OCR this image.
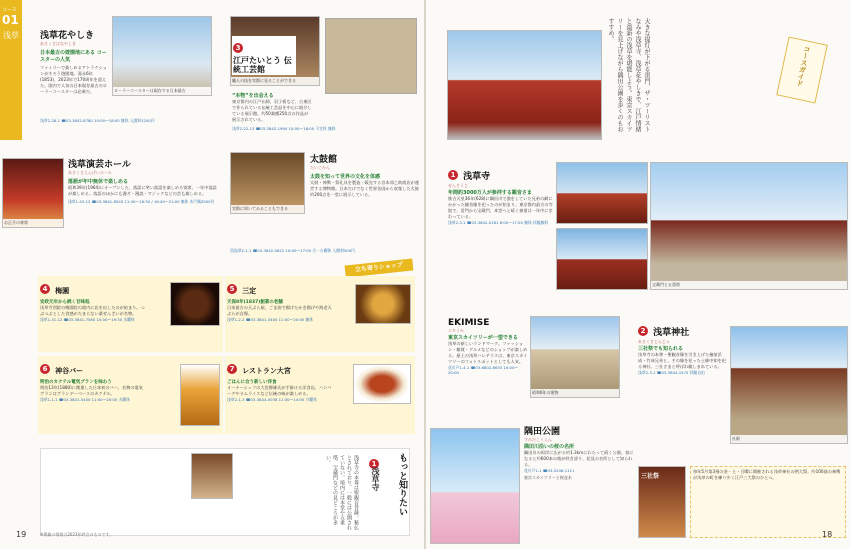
コース
01
浅草 浅草花やしき
あさくさはなやしき
日本最古の遊園地にある コースターの人気
ファミリーで楽しめるアトラクションがそろう遊園地。嘉永6年(1853)、2023年で170周年を迎えた。園内で人気の日本現存最古のローラーコースターは必乗だ。	ローラーコースターは現存する日本最古
浅草2-28-1 ☎03-3842-8780 10:00～18:00 無休 入園料1200円
職人の技を実際に見ることができる
“本物”を出会える
東京都内の江戸仏師、羽子板など、台東区で作られている伝統工芸品を中心に紹介している展示館。約50業種250点の作品が展示されている。
3
江戸たいとう 伝統工芸館
浅草2-22-13 ☎03-3842-1990 10:00～18:00 不定休 無料
お正月の寄席
浅草演芸ホール
あさくさえんげいホール
落語が年中無休で楽しめる
昭和39年(1964)にオープンした、落語に笑い落語を楽しめる寄席。一年中落語が楽しめる。落語のほかにも漫才・漫談・マジックなどの芸も楽しめる。
浅草1-43-12 ☎03-3841-6545 11:40～16:30 / 16:40～21:00 無休 木戸銭3000円
実際に叩いてみることもできる
太鼓館
たいこかん
太鼓を知って世界の文化を体感
太鼓・神輿・祭礼具を製造・販売する宮本卯之助商店が運営する博物館。日本だけでなく世界各国から収集した太鼓約200点を一堂に展示している。
西浅草2-1-1 ☎03-3842-5622 10:00～17:00 月・火曜休 入館料500円
立ち寄りショップ
4 梅園
安政元年から続く甘味処
浅草寺別院の梅園院の境内に店を出したのが始まり。つぶつぶとした食感がたまらない粟ぜんざいが名物。
浅草1-31-12 ☎03-3841-7580 10:00～19:30 水曜休
5 三定
天保8年(1837)創業の老舗
日本最古の天ぷら屋。ごま油で揚げたかき揚げや海老天ぷらが自慢。
浅草1-2-2 ☎03-3841-3400 11:00～20:00 無休
6 神谷バー
明治のカクテル電気ブランを味わう
明治13年(1880)に創業した日本初のバー。名物の電気ブランはブランデーベースのカクテル。
浅草1-1-1 ☎03-3841-5400 11:00～20:00 火曜休
7 レストラン大宮
ごはんに合う新しい洋食
オーナーシェフの大宮勝雄氏が手掛ける洋食店。ハンバーグやオムライスなど伝統の味が楽しめる。
浅草2-1-3 ☎03-3844-0038 11:30～14:00 月曜休
もっと知りたい
1
浅草寺
浅草寺の本尊は聖観音菩薩。秘仏とされており、一般には公開されていない。境内には本堂や五重塔、宝蔵門などの見どころが多い。
19	※掲載の情報は2023年時点のものです。
大きな提灯が下がる雷門、ザ・ツーリストなみや浅草寺、浅草花やしきで、江戸情緒と最新の浅草を堪能しよう。東京スカイツリーを見上げながら隅田公園を歩くのもおすすめ。
コースガイド
1 浅草寺
せんそうじ
年間約3000万人が参拝する観音さま
推古天皇36年(628)に隅田川で漁をしていた兄弟の網にかかった観音像を祀ったのが始まり。東京都内最古の寺院で、雷門から宝蔵門、本堂へと続く参道は一年中にぎわっている。
浅草2-3-1 ☎03-3842-0181 6:00～17:00 無休 拝観無料
宝蔵門と五重塔
EKIMISE
エキミセ
東京スカイツリーが一望できる
浅草の新しいランドマーク。ファッション・雑貨・グルメなどのショップが楽しめる。屋上の浅草ハレテラスは、東京スカイツリーのフォトスポットとしても人気。
花川戸1-4-1 ☎03-6802-8633 10:00～20:00
昭和6年の建物
2 浅草神社
あさくさじんじゃ
三社祭でも知られる
浅草寺の本尊・聖観音像を引き上げた檜前浜成・竹成兄弟と、その像を祀った土師中知を祀る神社。三社さまと呼ばれ親しまれている。
浅草2-3-1 ☎03-3844-1575 拝観自由
社殿
隅田公園
すみだこうえん
隅田川沿いの桜の名所
隅田川の両岸に広がる約1.3kmにわたって続く公園。春になると約600本の桜が咲き誇り、花見の名所として知られる。
花川戸1-1 ☎03-5246-1111
東京スカイツリーと桜並木	三社祭
毎年5月第3週の金・土・日曜に開催される浅草神社の例大祭。約100基の神輿が浅草の町を練り歩く江戸三大祭のひとつ。
18
